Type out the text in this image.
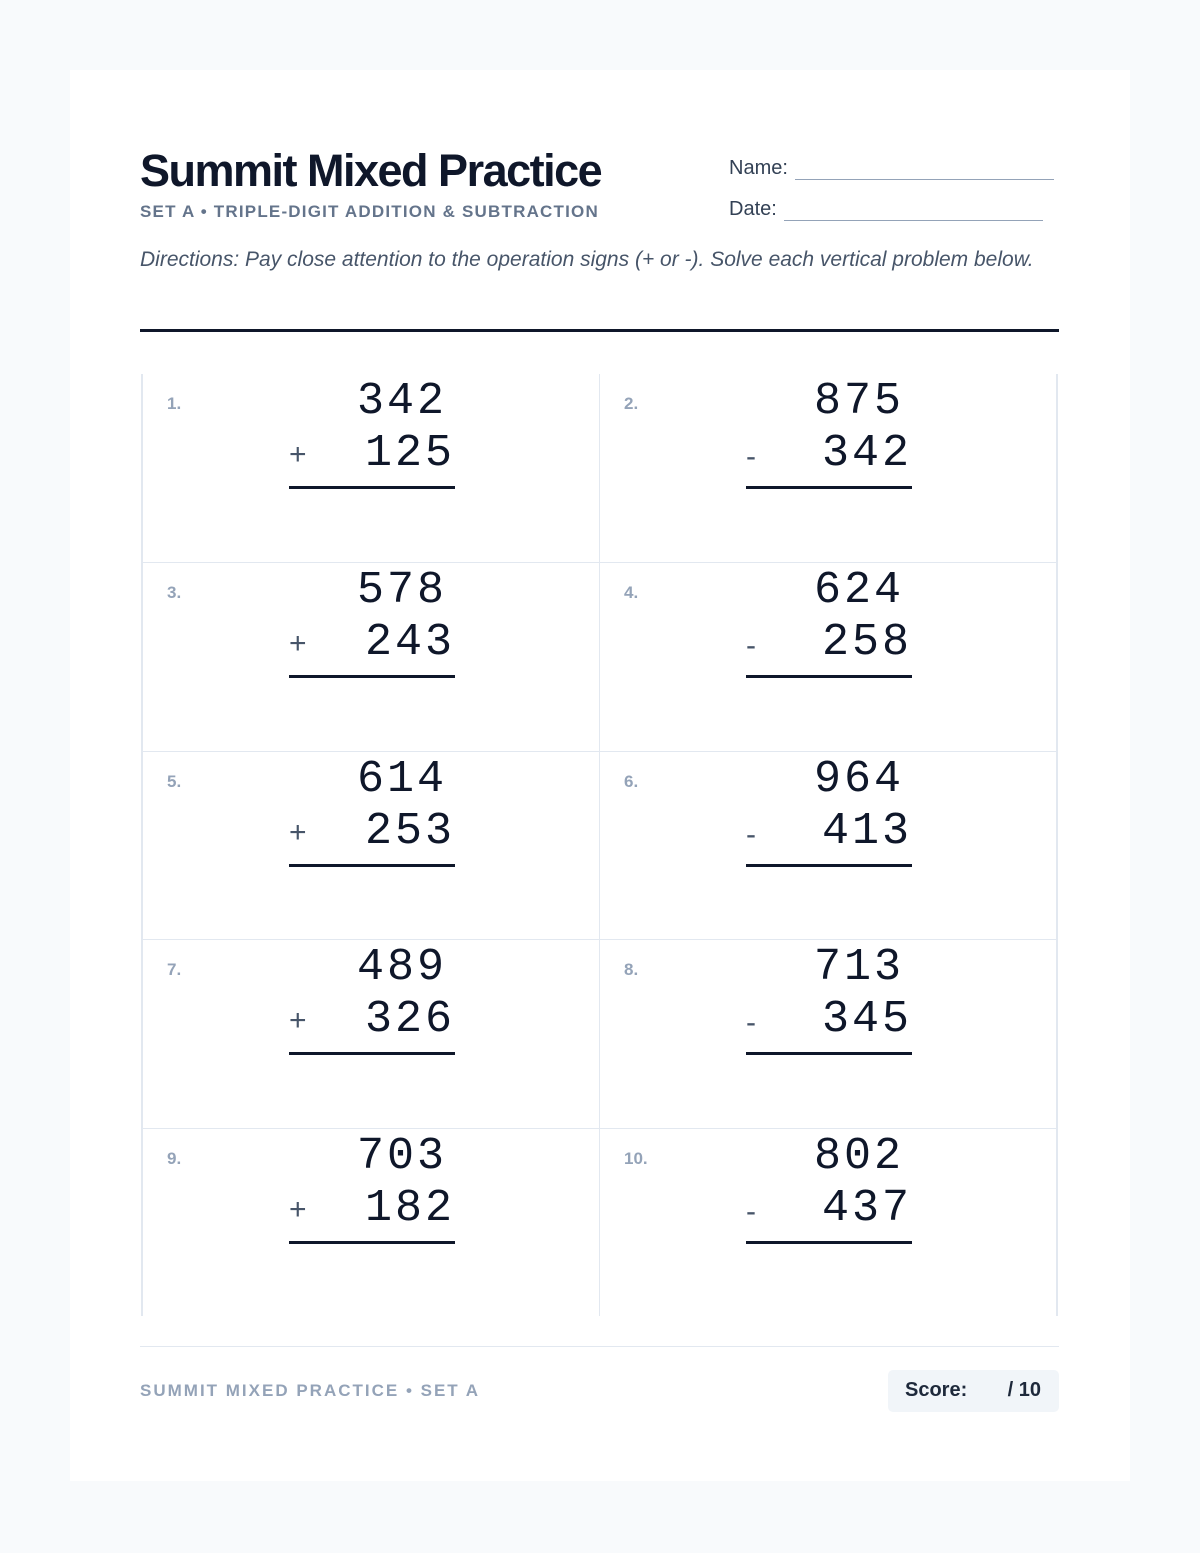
Summit Mixed Practice
SET A • TRIPLE-DIGIT ADDITION & SUBTRACTION
Name:
Date:

Directions: Pay close attention to the operation signs (+ or -). Solve each vertical problem below.

1.	342
+ 125
2.	875
- 342
3.	578
+ 243
4.	624
- 258
5.	614
+ 253
6.	964
- 413
7.	489
+ 326
8.	713
- 345
9.	703
+ 182
10.	802
- 437
SUMMIT MIXED PRACTICE • SET A	Score: / 10
